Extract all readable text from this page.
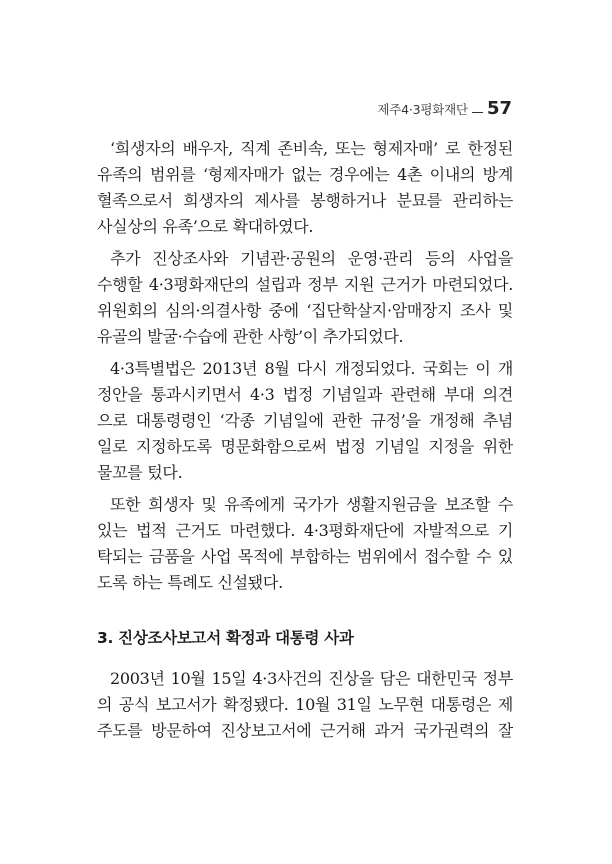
제주4·3평화재단 57
‘희생자의 배우자, 직계 존비속, 또는 형제자매’ 로 한정된
유족의 범위를 ‘형제자매가 없는 경우에는 4촌 이내의 방계
혈족으로서 희생자의 제사를 봉행하거나 분묘를 관리하는
사실상의 유족’으로 확대하였다.
추가 진상조사와 기념관·공원의 운영·관리 등의 사업을
수행할 4·3평화재단의 설립과 정부 지원 근거가 마련되었다.
위원회의 심의·의결사항 중에 ‘집단학살지·암매장지 조사 및
유골의 발굴·수습에 관한 사항’이 추가되었다.
4·3특별법은 2013년 8월 다시 개정되었다. 국회는 이 개
정안을 통과시키면서 4·3 법정 기념일과 관련해 부대 의견
으로 대통령령인 ‘각종 기념일에 관한 규정’을 개정해 추념
일로 지정하도록 명문화함으로써 법정 기념일 지정을 위한
물꼬를 텄다.
또한 희생자 및 유족에게 국가가 생활지원금을 보조할 수
있는 법적 근거도 마련했다. 4·3평화재단에 자발적으로 기
탁되는 금품을 사업 목적에 부합하는 범위에서 접수할 수 있
도록 하는 특례도 신설됐다.
3. 진상조사보고서 확정과 대통령 사과
2003년 10월 15일 4·3사건의 진상을 담은 대한민국 정부
의 공식 보고서가 확정됐다. 10월 31일 노무현 대통령은 제
주도를 방문하여 진상보고서에 근거해 과거 국가권력의 잘
